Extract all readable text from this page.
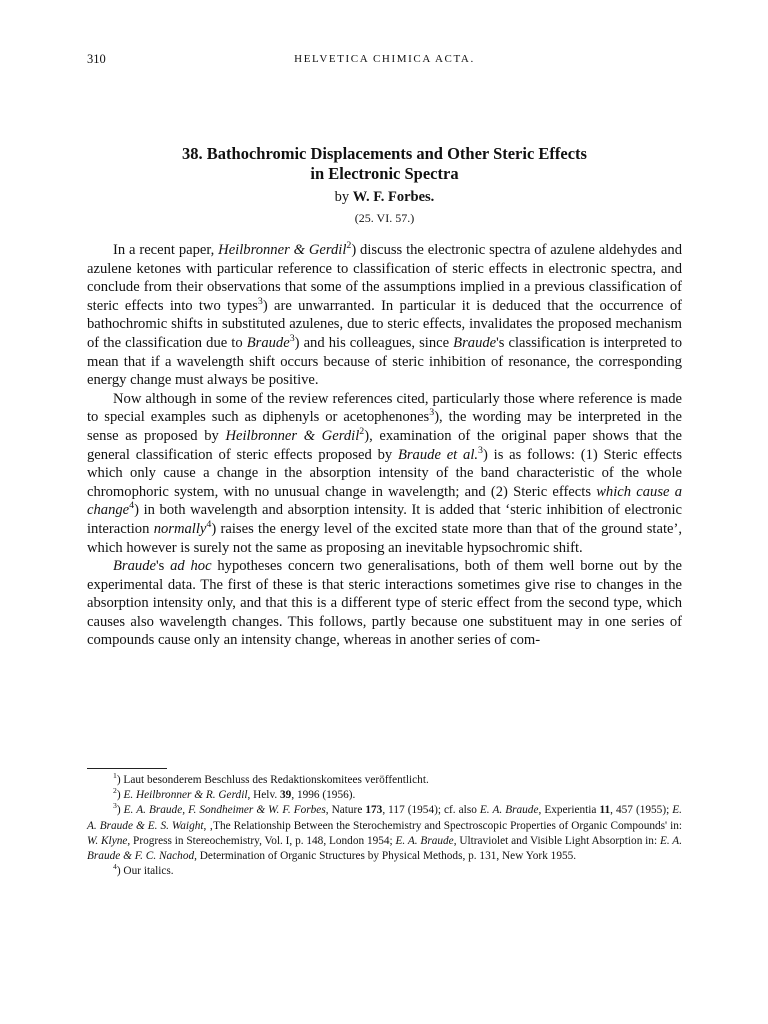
310	HELVETICA CHIMICA ACTA.
38. Bathochromic Displacements and Other Steric Effects
in Electronic Spectra
by W. F. Forbes.
(25. VI. 57.)

In a recent paper, Heilbronner & Gerdil$^2$) discuss the electronic spectra of azulene aldehydes and azulene ketones with particular reference to classification of steric effects in electronic spectra, and conclude from their observations that some of the assumptions implied in a previous classification of steric effects into two types$^3$) are unwarranted. In particular it is deduced that the occurrence of bathochromic shifts in substituted azulenes, due to steric effects, invalidates the proposed mechanism of the classification due to Braude$^3$) and his colleagues, since Braude's classification is interpreted to mean that if a wavelength shift occurs because of steric inhibition of resonance, the corresponding energy change must always be positive.

Now although in some of the review references cited, particularly those where reference is made to special examples such as diphenyls or acetophenones$^3$), the wording may be interpreted in the sense as proposed by Heilbronner & Gerdil$^2$), examination of the original paper shows that the general classification of steric effects proposed by Braude et al.$^3$) is as follows: (1) Steric effects which only cause a change in the absorption intensity of the band characteristic of the whole chromophoric system, with no unusual change in wavelength; and (2) Steric effects which cause a change$^4$) in both wavelength and absorption intensity. It is added that ‘steric inhibition of electronic interaction normally$^4$) raises the energy level of the excited state more than that of the ground state’, which however is surely not the same as proposing an inevitable hypsochromic shift.

Braude's ad hoc hypotheses concern two generalisations, both of them well borne out by the experimental data. The first of these is that steric interactions sometimes give rise to changes in the absorption intensity only, and that this is a different type of steric effect from the second type, which causes also wavelength changes. This follows, partly because one substituent may in one series of compounds cause only an intensity change, whereas in another series of com-

$^1$) Laut besonderem Beschluss des Redaktionskomitees veröffentlicht.

$^2$) E. Heilbronner & R. Gerdil, Helv. 39, 1996 (1956).

$^3$) E. A. Braude, F. Sondheimer & W. F. Forbes, Nature 173, 117 (1954); cf. also E. A. Braude, Experientia 11, 457 (1955); E. A. Braude & E. S. Waight, ‚The Relationship Between the Sterochemistry and Spectroscopic Properties of Organic Compounds' in: W. Klyne, Progress in Stereochemistry, Vol. I, p. 148, London 1954; E. A. Braude, Ultraviolet and Visible Light Absorption in: E. A. Braude & F. C. Nachod, Determination of Organic Structures by Physical Methods, p. 131, New York 1955.

$^4$) Our italics.
